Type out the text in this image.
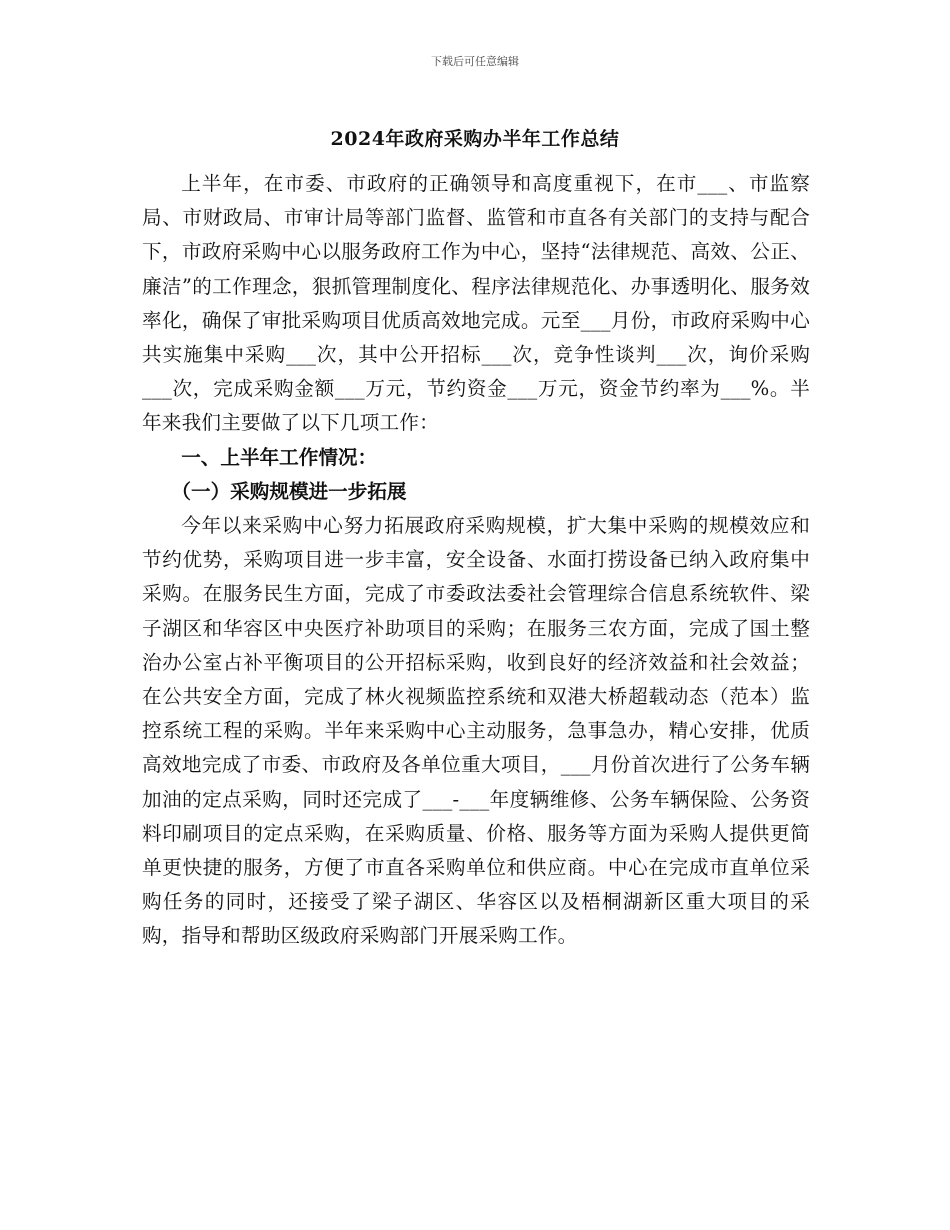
下载后可任意编辑
2024年政府采购办半年工作总结

上半年，在市委、市政府的正确领导和高度重视下，在市___、市监察局、市财政局、市审计局等部门监督、监管和市直各有关部门的支持与配合下，市政府采购中心以服务政府工作为中心，坚持“法律规范、高效、公正、廉洁”的工作理念，狠抓管理制度化、程序法律规范化、办事透明化、服务效率化，确保了审批采购项目优质高效地完成。元至___月份，市政府采购中心共实施集中采购___次，其中公开招标___次，竞争性谈判___次，询价采购___次，完成采购金额___万元，节约资金___万元，资金节约率为___%。半年来我们主要做了以下几项工作：

一、上半年工作情况：

（一）采购规模进一步拓展

今年以来采购中心努力拓展政府采购规模，扩大集中采购的规模效应和节约优势，采购项目进一步丰富，安全设备、水面打捞设备已纳入政府集中采购。在服务民生方面，完成了市委政法委社会管理综合信息系统软件、梁子湖区和华容区中央医疗补助项目的采购；在服务三农方面，完成了国土整治办公室占补平衡项目的公开招标采购，收到良好的经济效益和社会效益；在公共安全方面，完成了林火视频监控系统和双港大桥超载动态（范本）监控系统工程的采购。半年来采购中心主动服务，急事急办，精心安排，优质高效地完成了市委、市政府及各单位重大项目，___月份首次进行了公务车辆加油的定点采购，同时还完成了___-___年度辆维修、公务车辆保险、公务资料印刷项目的定点采购，在采购质量、价格、服务等方面为采购人提供更简单更快捷的服务，方便了市直各采购单位和供应商。中心在完成市直单位采购任务的同时，还接受了梁子湖区、华容区以及梧桐湖新区重大项目的采购，指导和帮助区级政府采购部门开展采购工作。
